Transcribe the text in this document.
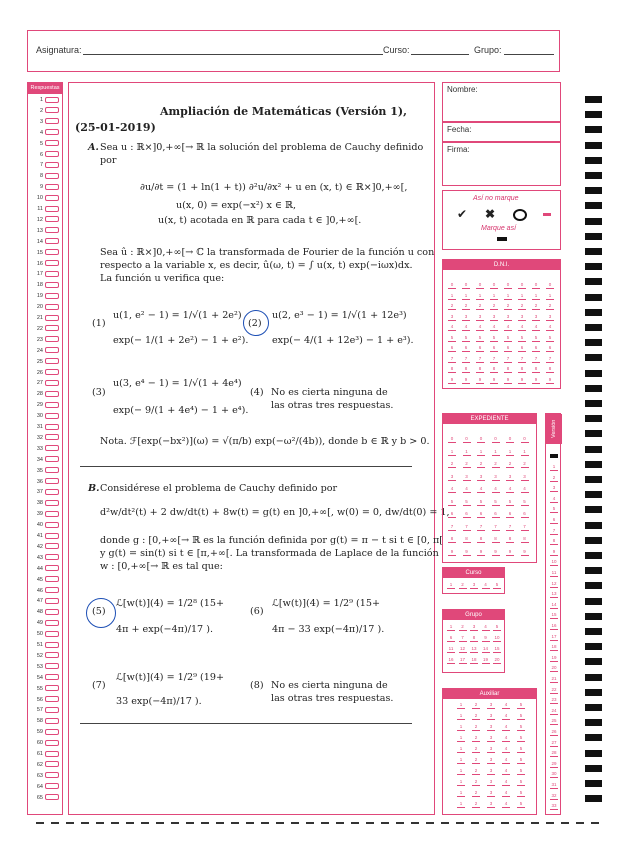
Asignatura:	Curso:	Grupo:
Respuestas
1
2
3
4
5
6
7
8
9
10
11
12
13
14
15
16
17
18
19
20
21
22
23
24
25
26
27
28
29
30
31
32
33
34
35
36
37
38
39
40
41
42
43
44
45
46
47
48
49
50
51
52
53
54
55
56
57
58
59
60
61
62
63
64
65
Ampliación de Matemáticas (Versión 1),
(25-01-2019)
A. Sea u : ℝ×]0,+∞[→ ℝ la solución del problema de Cauchy definido
por
∂u/∂t = (1 + ln(1 + t)) ∂²u/∂x² + u en (x, t) ∈ ℝ×]0,+∞[,
u(x, 0) = exp(−x²) x ∈ ℝ,
u(x, t) acotada en ℝ para cada t ∈ ]0,+∞[.
Sea û : ℝ×]0,+∞[→ ℂ la transformada de Fourier de la función u con
respecto a la variable x, es decir, û(ω, t) = ∫ u(x, t) exp(−iωx)dx.
La función u verifica que:
(1)
u(1, e² − 1) = 1/√(1 + 2e²)
exp(− 1/(1 + 2e²) − 1 + e²).
(2)
u(2, e³ − 1) = 1/√(1 + 12e³)
exp(− 4/(1 + 12e³) − 1 + e³).
(3)
u(3, e⁴ − 1) = 1/√(1 + 4e⁴)
exp(− 9/(1 + 4e⁴) − 1 + e⁴).
(4) No es cierta ninguna de
las otras tres respuestas.
Nota. ℱ[exp(−bx²)](ω) = √(π/b) exp(−ω²/(4b)), donde b ∈ ℝ y b > 0.
B. Considérese el problema de Cauchy definido por
d²w/dt²(t) + 2 dw/dt(t) + 8w(t) = g(t) en ]0,+∞[, w(0) = 0, dw/dt(0) = 1,
donde g : [0,+∞[→ ℝ es la función definida por g(t) = π − t si t ∈ [0, π[
y g(t) = sin(t) si t ∈ [π,+∞[. La transformada de Laplace de la función
w : [0,+∞[→ ℝ es tal que:
(5)
ℒ[w(t)](4) = 1/2⁸ (15+
4π + exp(−4π)/17 ).
(6)
ℒ[w(t)](4) = 1/2⁹ (15+
4π − 33 exp(−4π)/17 ).
(7)
ℒ[w(t)](4) = 1/2⁹ (19+
33 exp(−4π)/17 ).
(8) No es cierta ninguna de
las otras tres respuestas.
Nombre:
Fecha:
Firma:
Así no marque
✔ ✖
Marque así
D.N.I.
0	0	0	0	0	0	0	0
1	1	1	1	1	1	1	1
2	2	2	2	2	2	2	2
3	3	3	3	3	3	3	3
4	4	4	4	4	4	4	4
5	5	5	5	5	5	5	5
6	6	6	6	6	6	6	6
7	7	7	7	7	7	7	7
8	8	8	8	8	8	8	8
9	9	9	9	9	9	9	9
EXPEDIENTE
0	0	0	0	0	0
1	1	1	1	1	1
2	2	2	2	2	2
3	3	3	3	3	3
4	4	4	4	4	4
5	5	5	5	5	5
6	6	6	6	6	6
7	7	7	7	7	7
8	8	8	8	8	8
9	9	9	9	9	9
Versión
1
2
3
4
5
6
7
8
9
10
11
12
13
14
15
16
17
18
19
20
21
22
23
24
25
26
27
28
29
30
31
32
33
Curso
1	2	3	4	5
Grupo
1	2	3	4	5
6	7	8	9	10
11	12	13	14	15
16	17	18	19	20
Auxiliar
1	2	3	4	5
1	2	3	4	5
1	2	3	4	5
1	2	3	4	5
1	2	3	4	5
1	2	3	4	5
1	2	3	4	5
1	2	3	4	5
1	2	3	4	5
1	2	3	4	5
